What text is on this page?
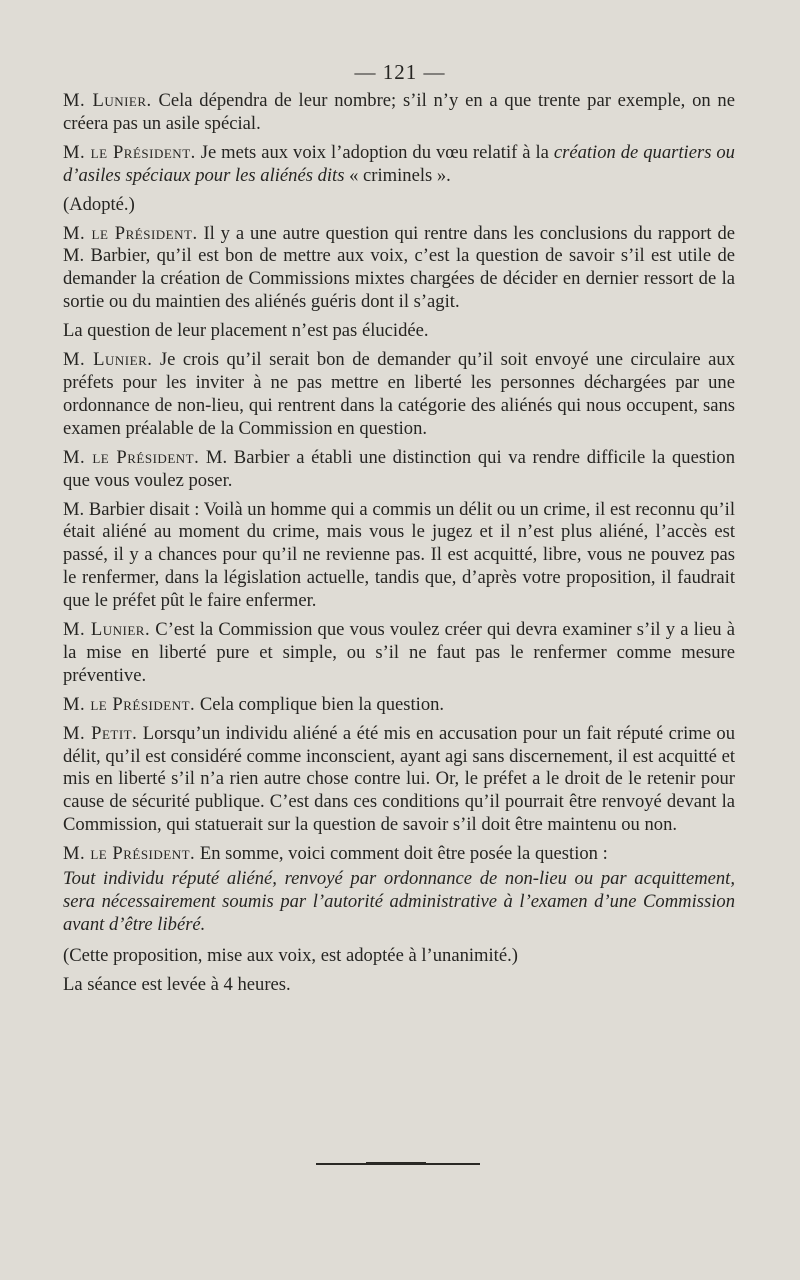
— 121 —

M. Lunier. Cela dépendra de leur nombre; s’il n’y en a que trente par exemple, on ne créera pas un asile spécial.

M. le Président. Je mets aux voix l’adoption du vœu relatif à la création de quartiers ou d’asiles spéciaux pour les aliénés dits « criminels ».

(Adopté.)

M. le Président. Il y a une autre question qui rentre dans les conclusions du rapport de M. Barbier, qu’il est bon de mettre aux voix, c’est la question de savoir s’il est utile de demander la création de Commissions mixtes chargées de décider en dernier ressort de la sortie ou du maintien des aliénés guéris dont il s’agit.

La question de leur placement n’est pas élucidée.

M. Lunier. Je crois qu’il serait bon de demander qu’il soit envoyé une circulaire aux préfets pour les inviter à ne pas mettre en liberté les personnes déchargées par une ordonnance de non-lieu, qui rentrent dans la catégorie des aliénés qui nous occupent, sans examen préalable de la Commission en question.

M. le Président. M. Barbier a établi une distinction qui va rendre difficile la question que vous voulez poser.

M. Barbier disait : Voilà un homme qui a commis un délit ou un crime, il est reconnu qu’il était aliéné au moment du crime, mais vous le jugez et il n’est plus aliéné, l’accès est passé, il y a chances pour qu’il ne revienne pas. Il est acquitté, libre, vous ne pouvez pas le renfermer, dans la législation actuelle, tandis que, d’après votre proposition, il faudrait que le préfet pût le faire enfermer.

M. Lunier. C’est la Commission que vous voulez créer qui devra examiner s’il y a lieu à la mise en liberté pure et simple, ou s’il ne faut pas le renfermer comme mesure préventive.

M. le Président. Cela complique bien la question.

M. Petit. Lorsqu’un individu aliéné a été mis en accusation pour un fait réputé crime ou délit, qu’il est considéré comme inconscient, ayant agi sans discernement, il est acquitté et mis en liberté s’il n’a rien autre chose contre lui. Or, le préfet a le droit de le retenir pour cause de sécurité publique. C’est dans ces conditions qu’il pourrait être renvoyé devant la Commission, qui statuerait sur la question de savoir s’il doit être maintenu ou non.

M. le Président. En somme, voici comment doit être posée la question :

Tout individu réputé aliéné, renvoyé par ordonnance de non-lieu ou par acquittement, sera nécessairement soumis par l’autorité administrative à l’examen d’une Commission avant d’être libéré.

(Cette proposition, mise aux voix, est adoptée à l’unanimité.)

La séance est levée à 4 heures.
